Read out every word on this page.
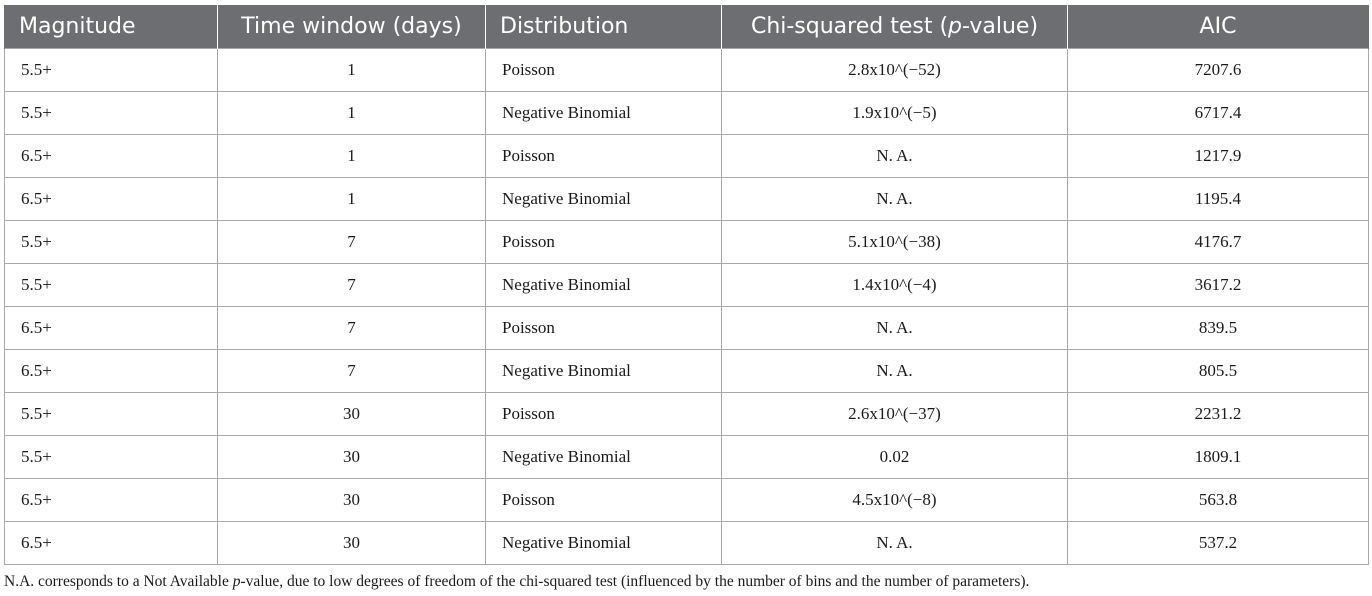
Magnitude	Time window (days)	Distribution	Chi-squared test (p-value)	AIC
5.5+	1	Poisson	2.8x10^(−52)	7207.6
5.5+	1	Negative Binomial	1.9x10^(−5)	6717.4
6.5+	1	Poisson	N. A.	1217.9
6.5+	1	Negative Binomial	N. A.	1195.4
5.5+	7	Poisson	5.1x10^(−38)	4176.7
5.5+	7	Negative Binomial	1.4x10^(−4)	3617.2
6.5+	7	Poisson	N. A.	839.5
6.5+	7	Negative Binomial	N. A.	805.5
5.5+	30	Poisson	2.6x10^(−37)	2231.2
5.5+	30	Negative Binomial	0.02	1809.1
6.5+	30	Poisson	4.5x10^(−8)	563.8
6.5+	30	Negative Binomial	N. A.	537.2
N.A. corresponds to a Not Available p-value, due to low degrees of freedom of the chi-squared test (influenced by the number of bins and the number of parameters).
